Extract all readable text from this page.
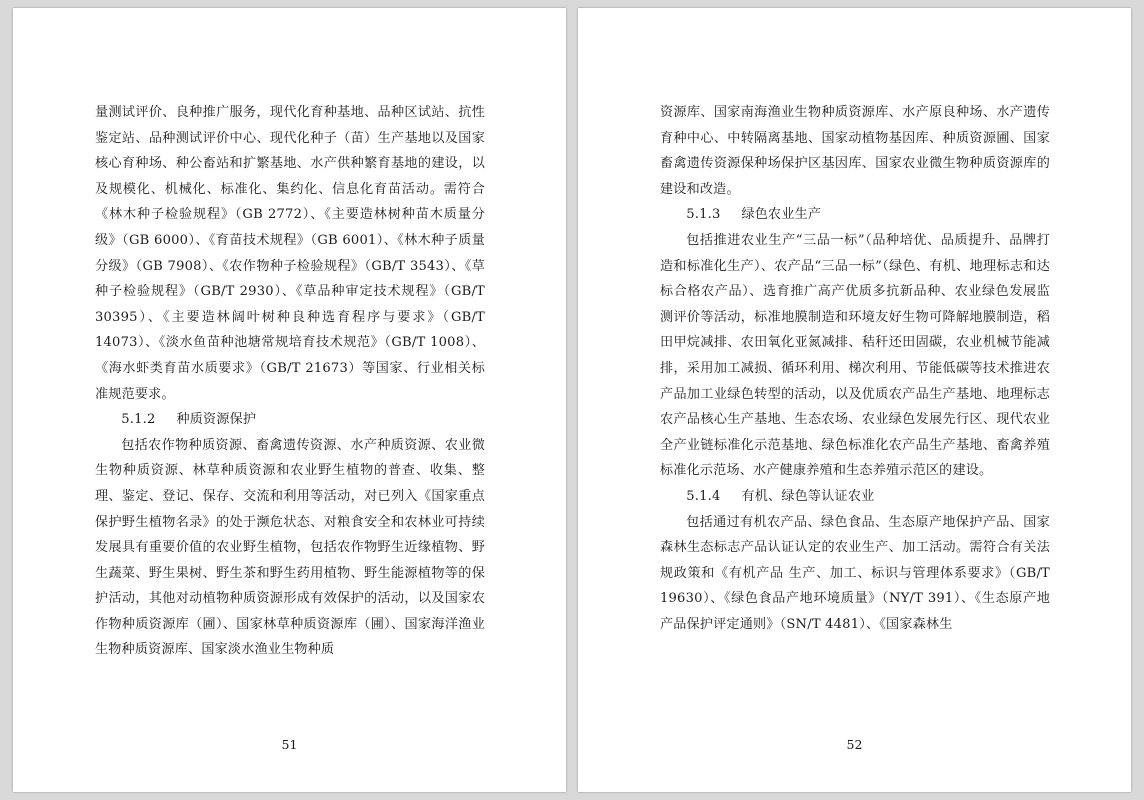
量测试评价、良种推广服务，现代化育种基地、品种区试站、抗性鉴定站、品种测试评价中心、现代化种子（苗）生产基地以及国家核心育种场、种公畜站和扩繁基地、水产供种繁育基地的建设，以及规模化、机械化、标准化、集约化、信息化育苗活动。需符合《林木种子检验规程》（GB 2772）、《主要造林树种苗木质量分级》（GB 6000）、《育苗技术规程》（GB 6001）、《林木种子质量分级》（GB 7908）、《农作物种子检验规程》（GB/T 3543）、《草种子检验规程》（GB/T 2930）、《草品种审定技术规程》（GB/T 30395）、《主要造林阔叶树种良种选育程序与要求》（GB/T 14073）、《淡水鱼苗种池塘常规培育技术规范》（GB/T 1008）、《海水虾类育苗水质要求》（GB/T 21673）等国家、行业相关标准规范要求。

5.1.2 种质资源保护

包括农作物种质资源、畜禽遗传资源、水产种质资源、农业微生物种质资源、林草种质资源和农业野生植物的普查、收集、整理、鉴定、登记、保存、交流和利用等活动，对已列入《国家重点保护野生植物名录》的处于濒危状态、对粮食安全和农林业可持续发展具有重要价值的农业野生植物，包括农作物野生近缘植物、野生蔬菜、野生果树、野生茶和野生药用植物、野生能源植物等的保护活动，其他对动植物种质资源形成有效保护的活动，以及国家农作物种质资源库（圃）、国家林草种质资源库（圃）、国家海洋渔业生物种质资源库、国家淡水渔业生物种质

51

资源库、国家南海渔业生物种质资源库、水产原良种场、水产遗传育种中心、中转隔离基地、国家动植物基因库、种质资源圃、国家畜禽遗传资源保种场保护区基因库、国家农业微生物种质资源库的建设和改造。

5.1.3 绿色农业生产

包括推进农业生产“三品一标”（品种培优、品质提升、品牌打造和标准化生产）、农产品“三品一标”（绿色、有机、地理标志和达标合格农产品）、选育推广高产优质多抗新品种、农业绿色发展监测评价等活动，标准地膜制造和环境友好生物可降解地膜制造，稻田甲烷减排、农田氧化亚氮减排、秸秆还田固碳，农业机械节能减排，采用加工减损、循环利用、梯次利用、节能低碳等技术推进农产品加工业绿色转型的活动，以及优质农产品生产基地、地理标志农产品核心生产基地、生态农场、农业绿色发展先行区、现代农业全产业链标准化示范基地、绿色标准化农产品生产基地、畜禽养殖标准化示范场、水产健康养殖和生态养殖示范区的建设。

5.1.4 有机、绿色等认证农业

包括通过有机农产品、绿色食品、生态原产地保护产品、国家森林生态标志产品认证认定的农业生产、加工活动。需符合有关法规政策和《有机产品 生产、加工、标识与管理体系要求》（GB/T 19630）、《绿色食品产地环境质量》（NY/T 391）、《生态原产地产品保护评定通则》（SN/T 4481）、《国家森林生

52
